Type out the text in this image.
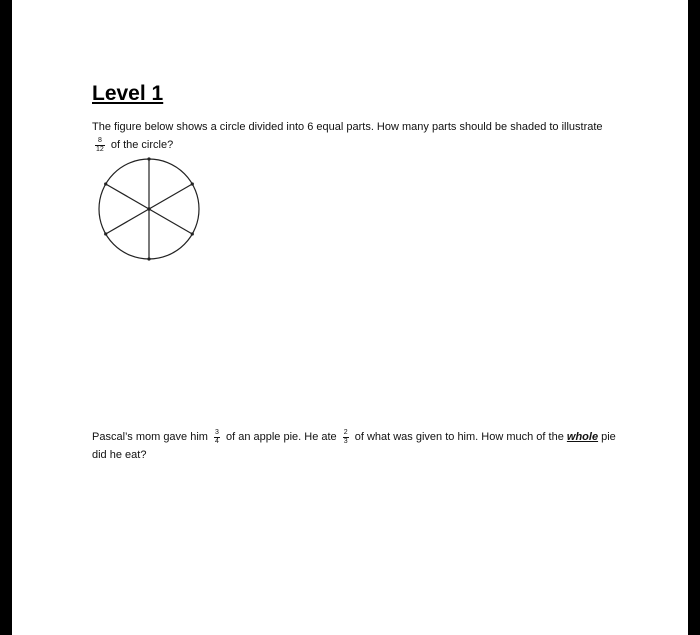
Level 1
The figure below shows a circle divided into 6 equal parts. How many parts should be shaded to illustrate
$\frac{8}{12}$ of the circle?
Pascal’s mom gave him $\frac{3}{4}$ of an apple pie. He ate $\frac{2}{3}$ of what was given to him. How much of the whole pie did he eat?
